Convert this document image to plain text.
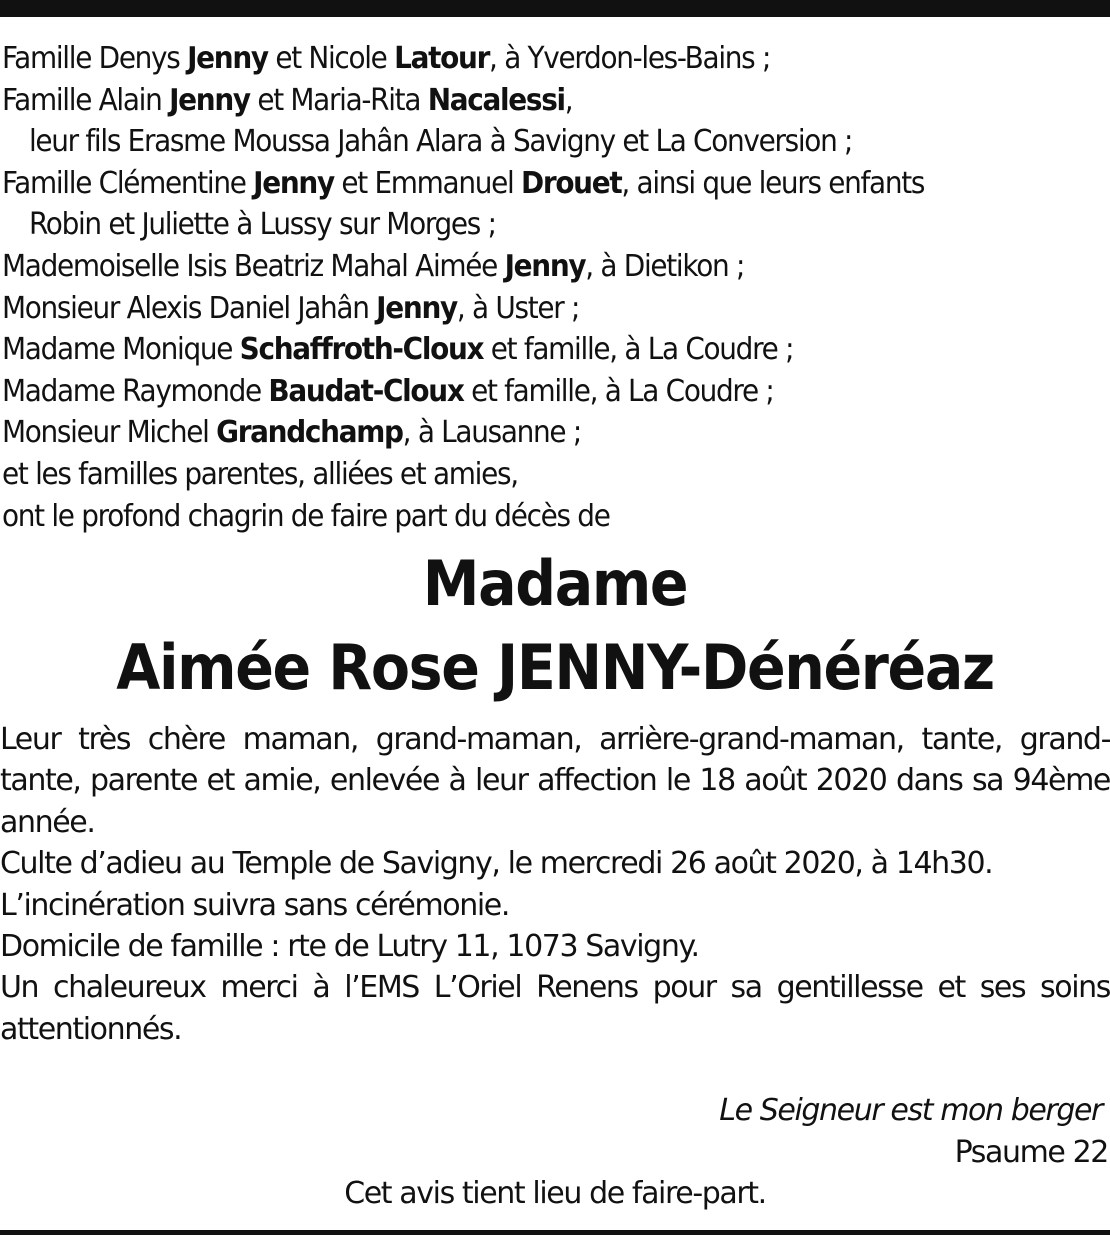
Famille Denys Jenny et Nicole Latour, à Yverdon-les-Bains ;
Famille Alain Jenny et Maria-Rita Nacalessi,
leur fils Erasme Moussa Jahân Alara à Savigny et La Conversion ;
Famille Clémentine Jenny et Emmanuel Drouet, ainsi que leurs enfants
Robin et Juliette à Lussy sur Morges ;
Mademoiselle Isis Beatriz Mahal Aimée Jenny, à Dietikon ;
Monsieur Alexis Daniel Jahân Jenny, à Uster ;
Madame Monique Schaffroth-Cloux et famille, à La Coudre ;
Madame Raymonde Baudat-Cloux et famille, à La Coudre ;
Monsieur Michel Grandchamp, à Lausanne ;
et les familles parentes, alliées et amies,
ont le profond chagrin de faire part du décès de
Madame
Aimée Rose JENNY-Dénéréaz
Leur très chère maman, grand-maman, arrière-grand-maman, tante, grand-tante, parente et amie, enlevée à leur affection le 18 août 2020 dans sa 94ème année.
Culte d’adieu au Temple de Savigny, le mercredi 26 août 2020, à 14h30.
L’incinération suivra sans cérémonie.
Domicile de famille : rte de Lutry 11, 1073 Savigny.
Un chaleureux merci à l’EMS L’Oriel Renens pour sa gentillesse et ses soins attentionnés.
Le Seigneur est mon berger
Psaume 22
Cet avis tient lieu de faire-part.
